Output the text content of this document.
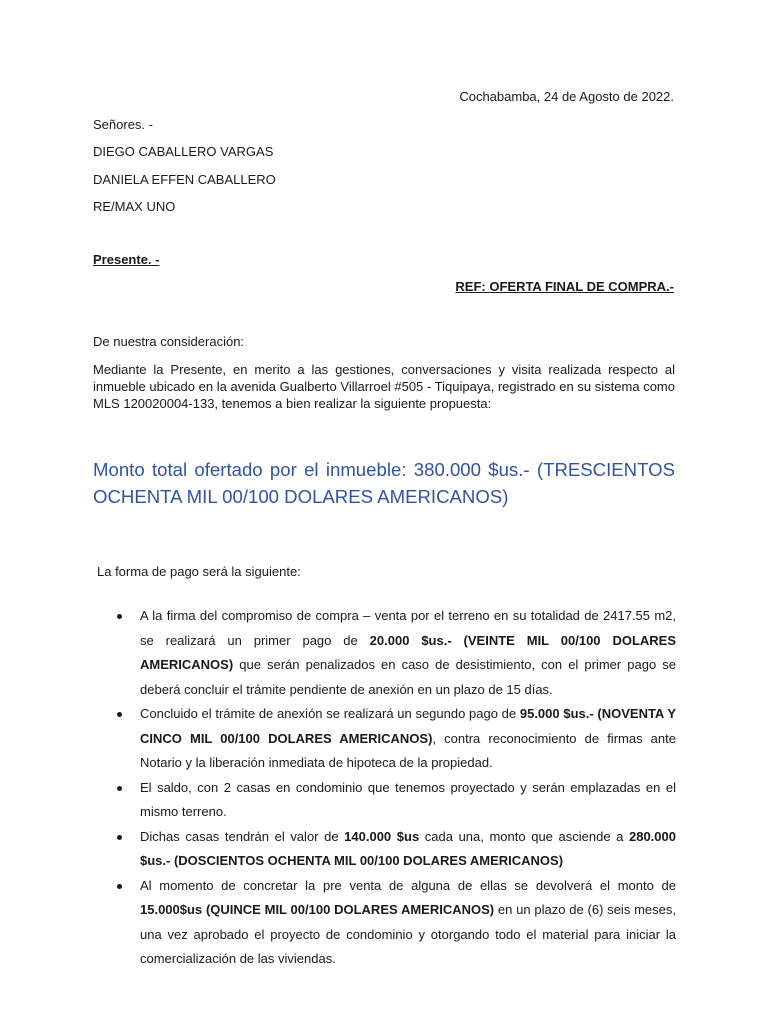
Cochabamba, 24 de Agosto de 2022.

Señores. -

DIEGO CABALLERO VARGAS

DANIELA EFFEN CABALLERO

RE/MAX UNO

Presente. -

REF: OFERTA FINAL DE COMPRA.-

De nuestra consideración:

Mediante la Presente, en merito a las gestiones, conversaciones y visita realizada respecto al inmueble ubicado en la avenida Gualberto Villarroel #505 - Tiquipaya, registrado en su sistema como MLS 120020004-133, tenemos a bien realizar la siguiente propuesta:

Monto total ofertado por el inmueble: 380.000 $us.- (TRESCIENTOS OCHENTA MIL 00/100 DOLARES AMERICANOS)

La forma de pago será la siguiente:

A la firma del compromiso de compra – venta por el terreno en su totalidad de 2417.55 m2, se realizará un primer pago de 20.000 $us.- (VEINTE MIL 00/100 DOLARES AMERICANOS) que serán penalizados en caso de desistimiento, con el primer pago se deberá concluir el trámite pendiente de anexión en un plazo de 15 días.
Concluido el trámite de anexión se realizará un segundo pago de 95.000 $us.- (NOVENTA Y CINCO MIL 00/100 DOLARES AMERICANOS), contra reconocimiento de firmas ante Notario y la liberación inmediata de hipoteca de la propiedad.
El saldo, con 2 casas en condominio que tenemos proyectado y serán emplazadas en el mismo terreno.
Dichas casas tendrán el valor de 140.000 $us cada una, monto que asciende a 280.000 $us.- (DOSCIENTOS OCHENTA MIL 00/100 DOLARES AMERICANOS)
Al momento de concretar la pre venta de alguna de ellas se devolverá el monto de 15.000$us (QUINCE MIL 00/100 DOLARES AMERICANOS) en un plazo de (6) seis meses, una vez aprobado el proyecto de condominio y otorgando todo el material para iniciar la comercialización de las viviendas.
